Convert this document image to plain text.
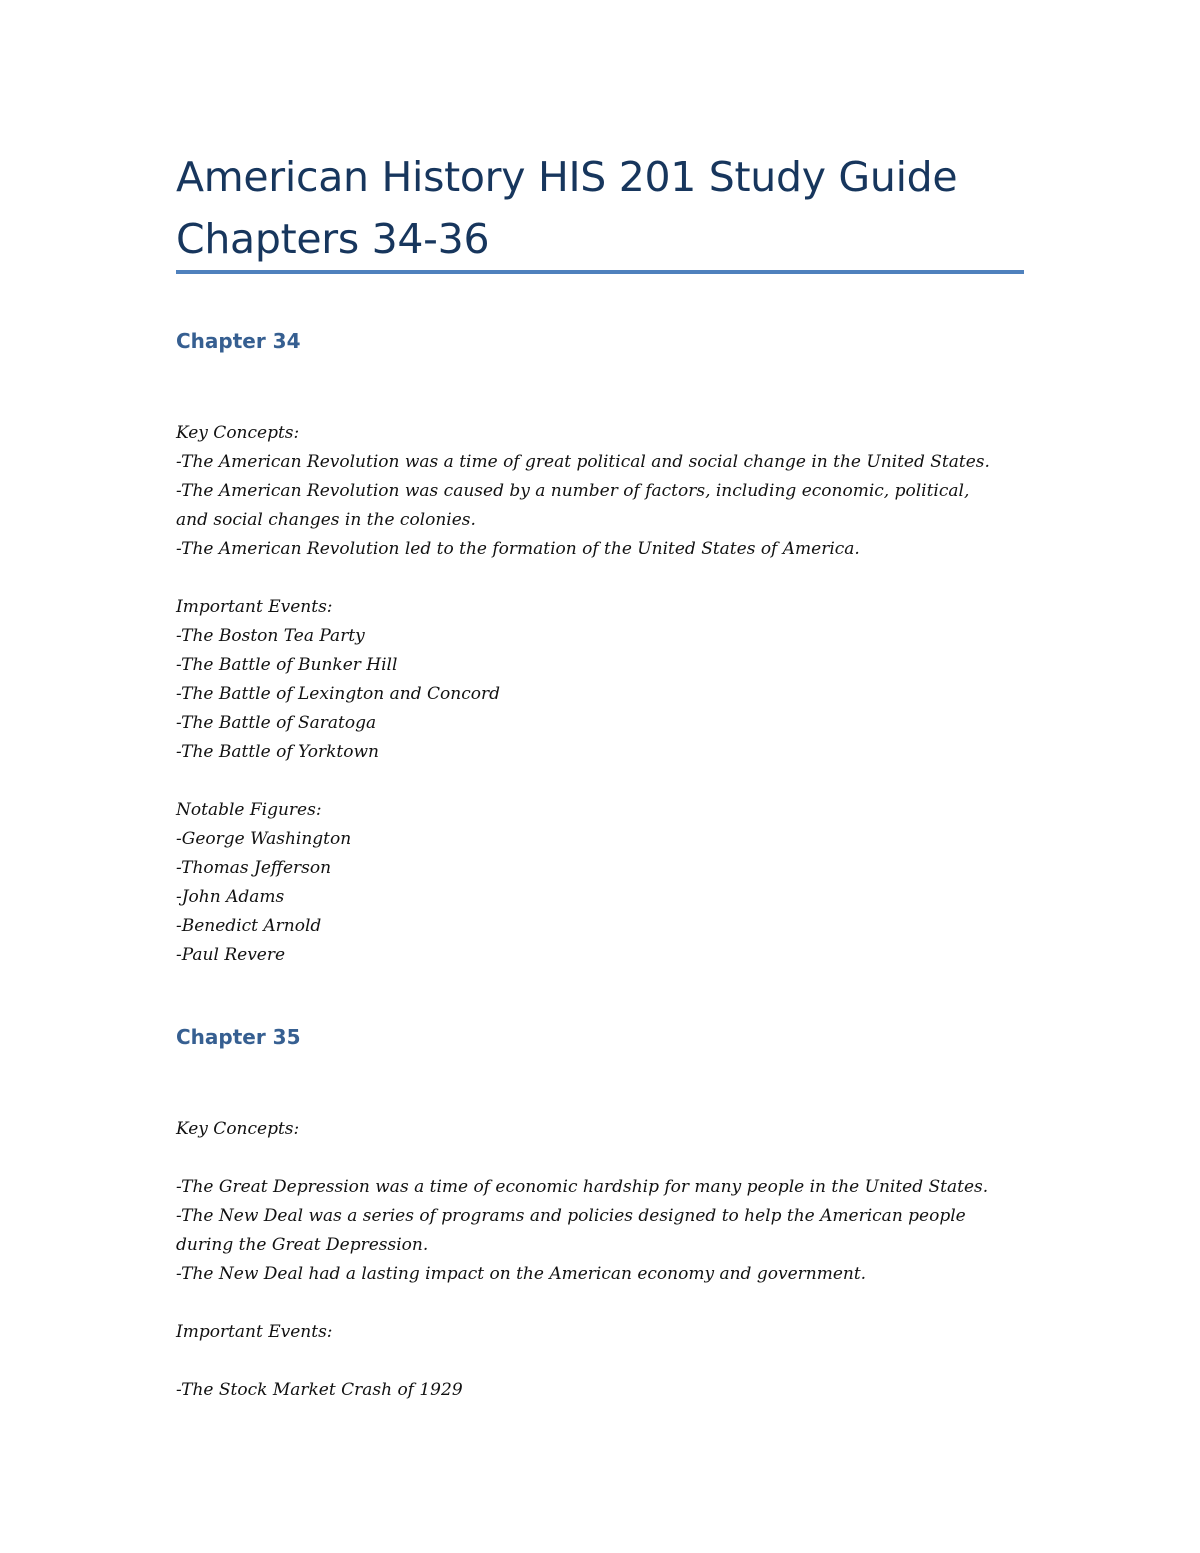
American History HIS 201 Study Guide
Chapters 34-36
Chapter 34
Key Concepts:
-The American Revolution was a time of great political and social change in the United States.
-The American Revolution was caused by a number of factors, including economic, political,
and social changes in the colonies.
-The American Revolution led to the formation of the United States of America.
Important Events:
-The Boston Tea Party
-The Battle of Bunker Hill
-The Battle of Lexington and Concord
-The Battle of Saratoga
-The Battle of Yorktown
Notable Figures:
-George Washington
-Thomas Jefferson
-John Adams
-Benedict Arnold
-Paul Revere
Chapter 35
Key Concepts:
-The Great Depression was a time of economic hardship for many people in the United States.
-The New Deal was a series of programs and policies designed to help the American people
during the Great Depression.
-The New Deal had a lasting impact on the American economy and government.
Important Events:
-The Stock Market Crash of 1929
